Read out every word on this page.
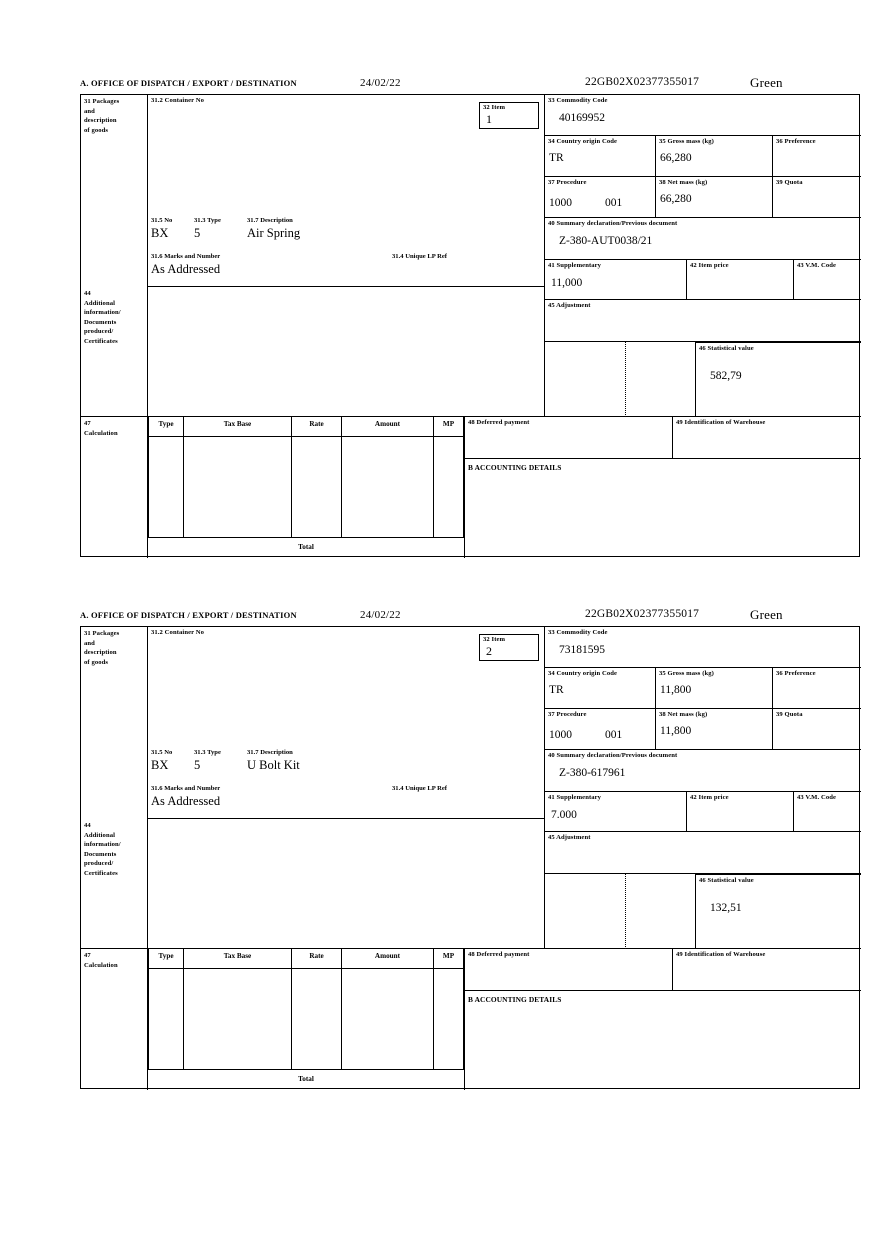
A. OFFICE OF DISPATCH / EXPORT / DESTINATION	24/02/22	22GB02X02377355017	Green
31 Packages
and
description
of goods
31.2 Container No
31.5 No	31.3 Type	31.7 Description
BX 5	Air Spring
31.6 Marks and Number	31.4 Unique LP Ref
As Addressed
32 Item
1
33 Commodity Code
40169952
34 Country origin Code
TR
35 Gross mass (kg)
66,280
36 Preference
37 Procedure
1000	001
38 Net mass (kg)
66,280
39 Quota
40 Summary declaration/Previous document
Z-380-AUT0038/21
41 Supplementary
11,000
42 Item price	43 V.M. Code
44
Additional
information/
Documents
produced/
Certificates
45 Adjustment
46 Statistical value
582,79
47
Calculation
Type	Tax Base	Rate	Amount	MP
Total
48 Deferred payment	49 Identification of Warehouse
B ACCOUNTING DETAILS
A. OFFICE OF DISPATCH / EXPORT / DESTINATION	24/02/22	22GB02X02377355017	Green
31 Packages
and
description
of goods
31.2 Container No
31.5 No	31.3 Type	31.7 Description
BX 5	U Bolt Kit
31.6 Marks and Number	31.4 Unique LP Ref
As Addressed
32 Item
2
33 Commodity Code
73181595
34 Country origin Code
TR
35 Gross mass (kg)
11,800
36 Preference
37 Procedure
1000	001
38 Net mass (kg)
11,800
39 Quota
40 Summary declaration/Previous document
Z-380-617961
41 Supplementary
7.000
42 Item price	43 V.M. Code
44
Additional
information/
Documents
produced/
Certificates
45 Adjustment
46 Statistical value
132,51
47
Calculation
Type	Tax Base	Rate	Amount	MP
Total
48 Deferred payment	49 Identification of Warehouse
B ACCOUNTING DETAILS
